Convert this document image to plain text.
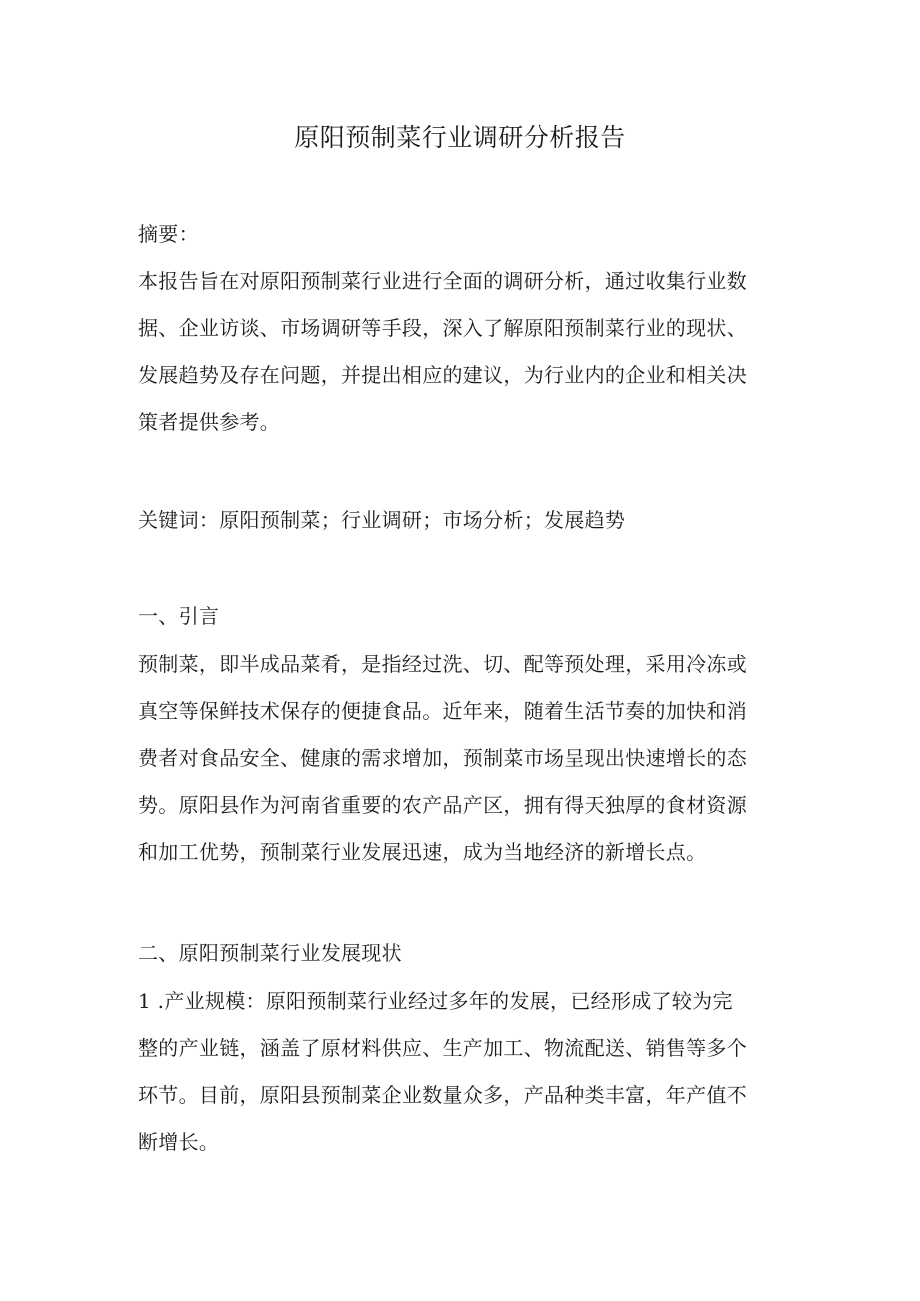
原阳预制菜行业调研分析报告

摘要：

本报告旨在对原阳预制菜行业进行全面的调研分析，通过收集行业数
据、企业访谈、市场调研等手段，深入了解原阳预制菜行业的现状、
发展趋势及存在问题，并提出相应的建议，为行业内的企业和相关决
策者提供参考。

关键词：原阳预制菜；行业调研；市场分析；发展趋势

一、引言

预制菜，即半成品菜肴，是指经过洗、切、配等预处理，采用冷冻或
真空等保鲜技术保存的便捷食品。近年来，随着生活节奏的加快和消
费者对食品安全、健康的需求增加，预制菜市场呈现出快速增长的态
势。原阳县作为河南省重要的农产品产区，拥有得天独厚的食材资源
和加工优势，预制菜行业发展迅速，成为当地经济的新增长点。

二、原阳预制菜行业发展现状

1 .产业规模：原阳预制菜行业经过多年的发展，已经形成了较为完
整的产业链，涵盖了原材料供应、生产加工、物流配送、销售等多个
环节。目前，原阳县预制菜企业数量众多，产品种类丰富，年产值不
断增长。
